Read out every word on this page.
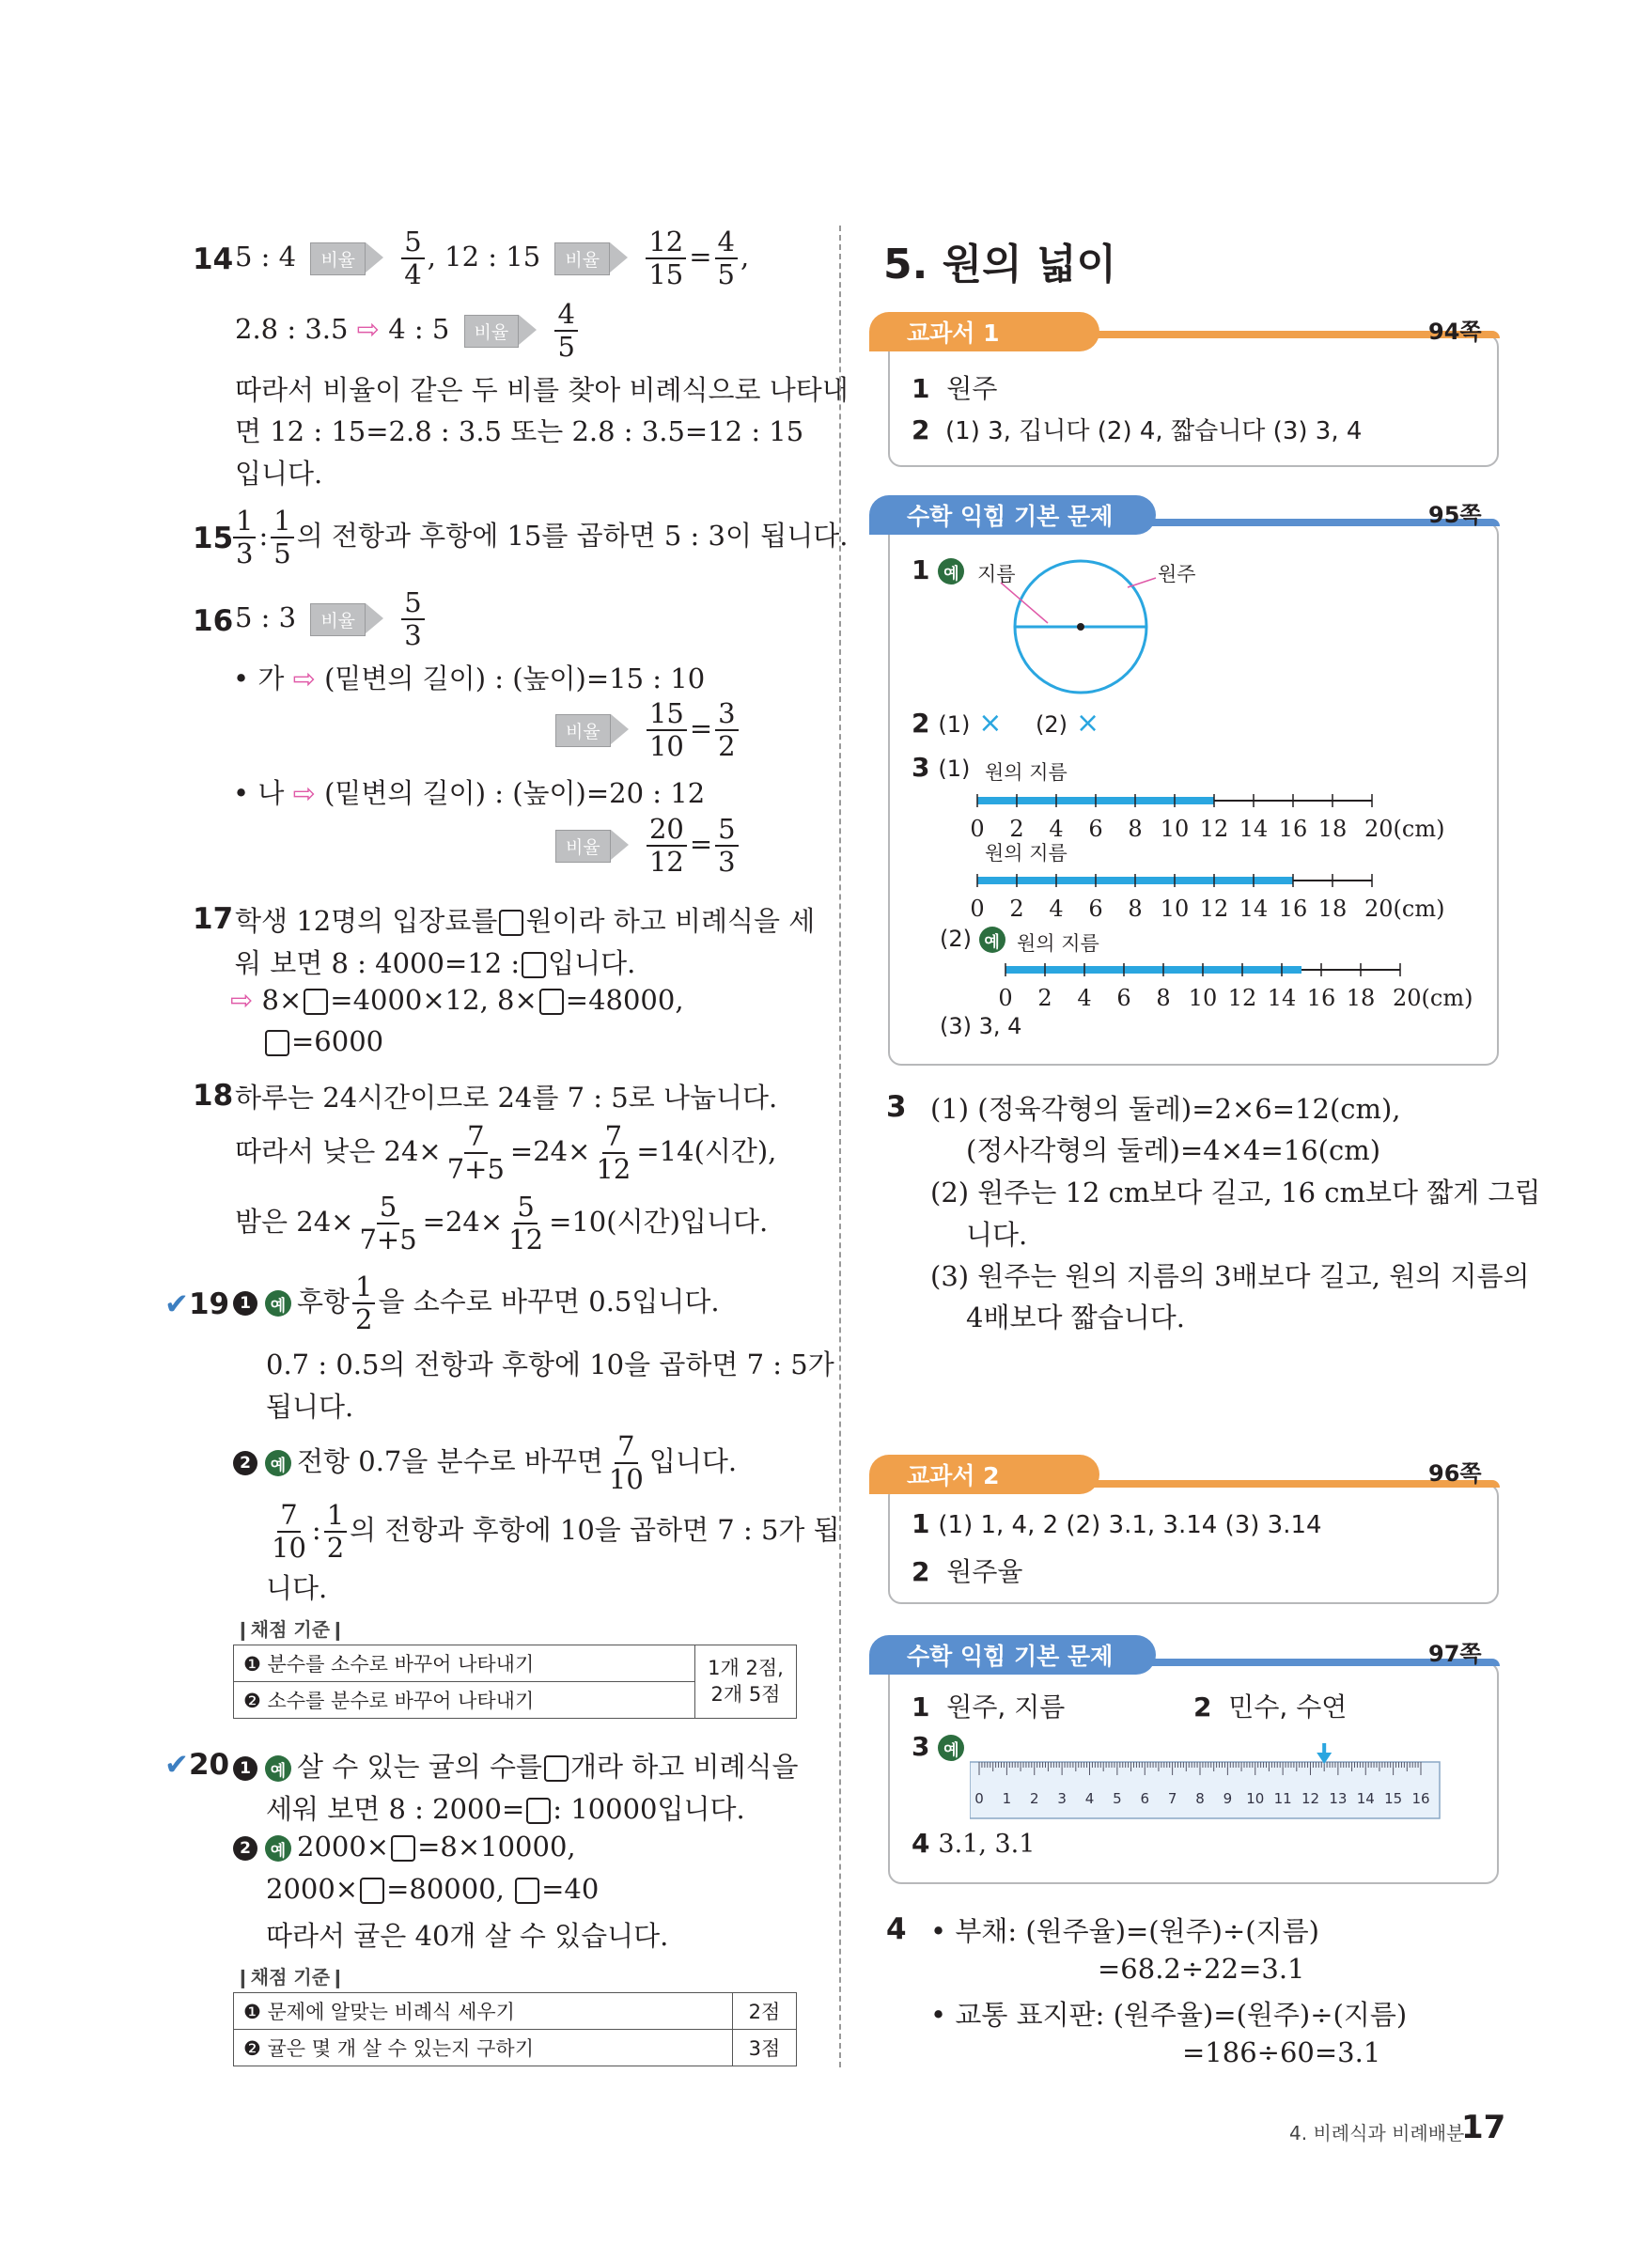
14 5 : 4 비율 $\frac{5}{4}$ , 12 : 15 비율 $\frac{12}{15} = \frac{4}{5}$ ,
2.8 : 3.5 ⇨ 4 : 5 비율 $\frac{4}{5}$
따라서 비율이 같은 두 비를 찾아 비례식으로 나타내
면 12 : 15=2.8 : 3.5 또는 2.8 : 3.5=12 : 15
입니다.
$15 \frac{1}{3}$ : $\frac{1}{5}$ 의 전항과 후항에 15를 곱하면 5 : 3이 됩니다.
16 5 : 3 비율 $\frac{5}{3}$
• 가 ⇨ (밑변의 길이) : (높이)=15 : 10
비율 $\frac{15}{10} = \frac{3}{2}$
• 나 ⇨ (밑변의 길이) : (높이)=20 : 12
비율 $\frac{20}{12} = \frac{5}{3}$
17 학생 12명의 입장료를 원이라 하고 비례식을 세
워 보면 8 : 4000=12 : 입니다.
⇨ 8× =4000×12, 8× =48000,
=6000
18 하루는 24시간이므로 24를 7 : 5로 나눕니다.
따라서 낮은 $24\times \frac{7}{7+5} =24\times \frac{7}{12} =14$(시간),
밤은 $24\times \frac{5}{7+5} =24\times \frac{5}{12} =10$(시간)입니다.
✔19 1 예 후항 $\frac{1}{2}$ 을 소수로 바꾸면 0.5입니다.
0.7 : 0.5의 전항과 후항에 10을 곱하면 7 : 5가
됩니다.
2 예 전항 0.7을 분수로 바꾸면 $\frac{7}{10}$ 입니다.
$\frac{7}{10}$ : $\frac{1}{2}$ 의 전항과 후항에 10을 곱하면 7 : 5가 됩
니다.
❙채점 기준❙
❶ 분수를 소수로 바꾸어 나타내기	1개 2점,
2개 5점
❷ 소수를 분수로 바꾸어 나타내기
✔20 1 예 살 수 있는 귤의 수를 개라 하고 비례식을
세워 보면 8 : 2000= : 10000입니다.
2 예 2000× =8×10000,
2000× =80000, =40
따라서 귤은 40개 살 수 있습니다.
❙채점 기준❙
❶ 문제에 알맞는 비례식 세우기	2점
❷ 귤은 몇 개 살 수 있는지 구하기	3점
5. 원의 넓이
교과서 1	94쪽
1 원주
2 (1) 3, 깁니다 (2) 4, 짧습니다 (3) 3, 4
수학 익힘 기본 문제	95쪽
1 예 지름	원주
2 (1) × (2) ×
3 (1)
(2) 예
원의 지름
원의 지름
원의 지름
0 2 4 6 8 10 12 14 16 18 20(cm)
0 2 4 6 8 10 12 14 16 18 20(cm)
0 2 4 6 8 10 12 14 16 18 20(cm)
(3) 3, 4
3 (1) (정육각형의 둘레)=2×6=12(cm),
(정사각형의 둘레)=4×4=16(cm)
(2) 원주는 12 cm보다 길고, 16 cm보다 짧게 그립
니다.
(3) 원주는 원의 지름의 3배보다 길고, 원의 지름의
4배보다 짧습니다.
교과서 2	96쪽
1 (1) 1, 4, 2 (2) 3.1, 3.14 (3) 3.14
2 원주율
수학 익힘 기본 문제	97쪽
1 원주, 지름	2 민수, 수연
3 예
0 1 2 3 4 5 6 7 8 9 10 11 12 13 14 15 16
4 3.1, 3.1
4 • 부채: (원주율)=(원주)÷(지름)
=68.2÷22=3.1
• 교통 표지판: (원주율)=(원주)÷(지름)
=186÷60=3.1
4. 비례식과 비례배분
17
